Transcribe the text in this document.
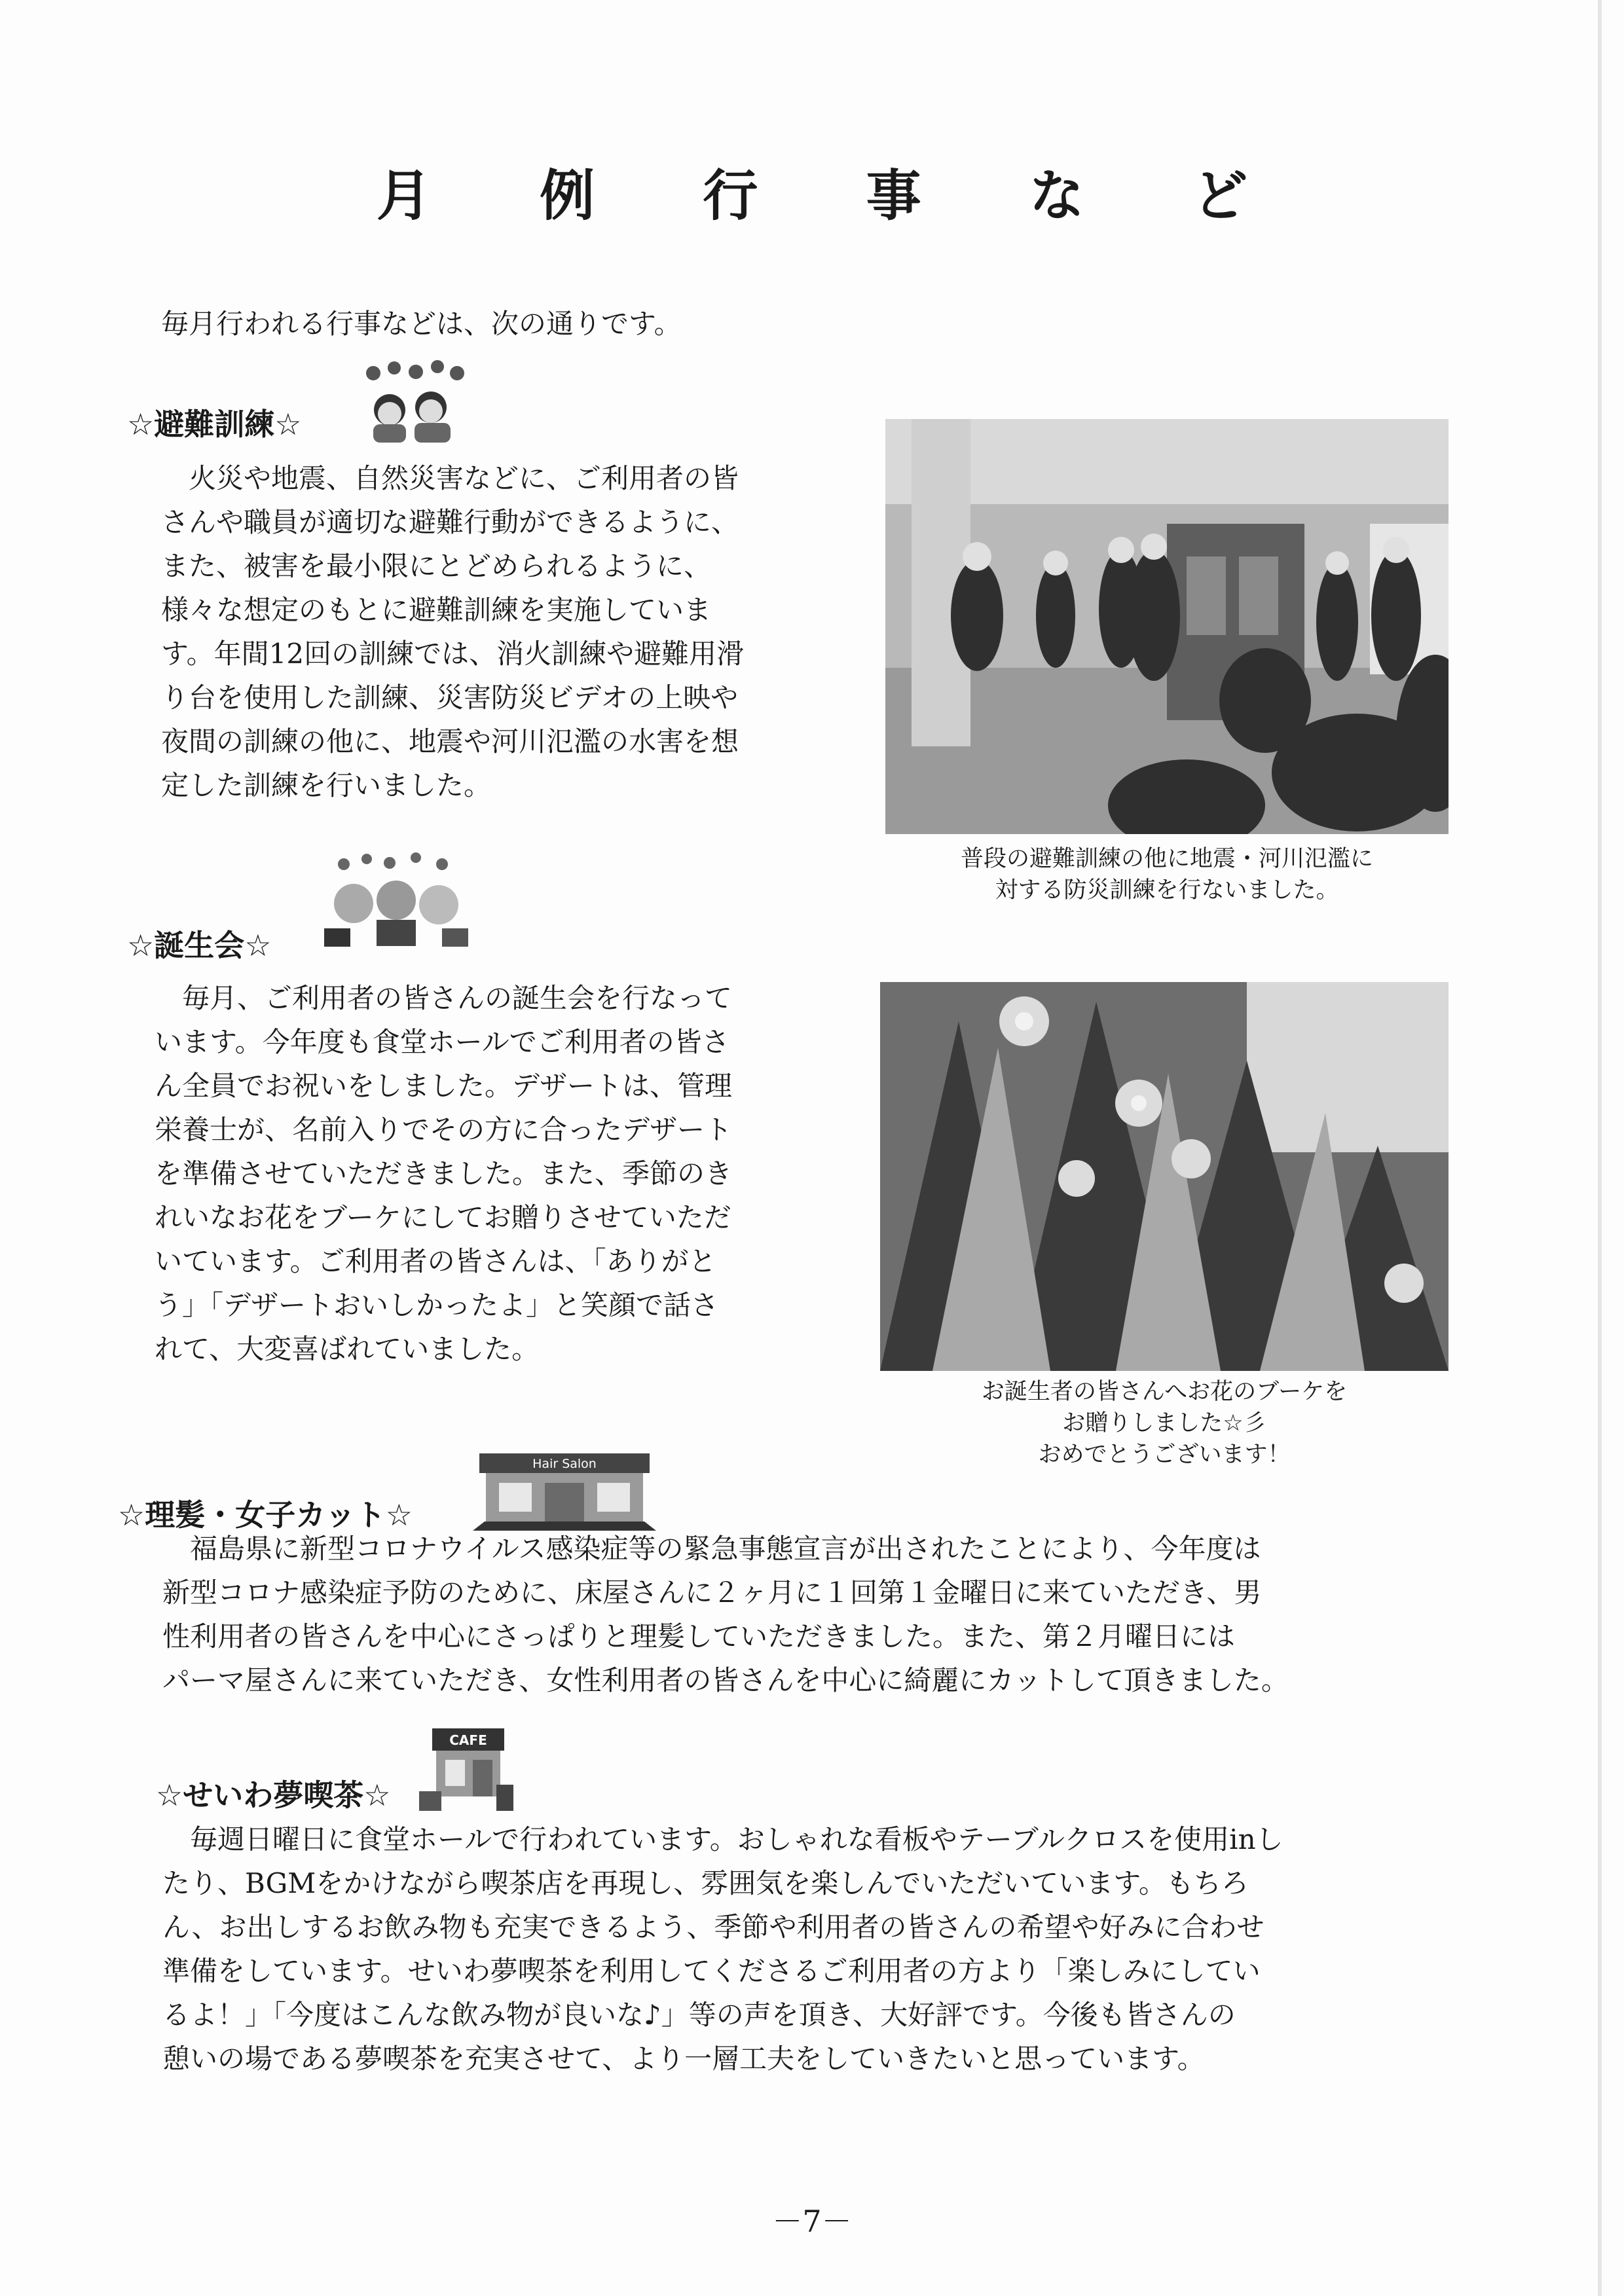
月 例 行 事 な ど
毎月行われる行事などは、次の通りです。
☆避難訓練☆
火災や地震、自然災害などに、ご利用者の皆
さんや職員が適切な避難行動ができるように、
また、被害を最小限にとどめられるように、
様々な想定のもとに避難訓練を実施していま
す。年間12回の訓練では、消火訓練や避難用滑
り台を使用した訓練、災害防災ビデオの上映や
夜間の訓練の他に、地震や河川氾濫の水害を想
定した訓練を行いました。
普段の避難訓練の他に地震・河川氾濫に
対する防災訓練を行ないました。
☆誕生会☆
毎月、ご利用者の皆さんの誕生会を行なって
います。今年度も食堂ホールでご利用者の皆さ
ん全員でお祝いをしました。デザートは、管理
栄養士が、名前入りでその方に合ったデザート
を準備させていただきました。また、季節のき
れいなお花をブーケにしてお贈りさせていただ
いています。ご利用者の皆さんは、「ありがと
う」「デザートおいしかったよ」と笑顔で話さ
れて、大変喜ばれていました。
お誕生者の皆さんへお花のブーケを
お贈りしました☆彡
おめでとうございます！
☆理髪・女子カット☆
Hair Salon
福島県に新型コロナウイルス感染症等の緊急事態宣言が出されたことにより、今年度は
新型コロナ感染症予防のために、床屋さんに２ヶ月に１回第１金曜日に来ていただき、男
性利用者の皆さんを中心にさっぱりと理髪していただきました。また、第２月曜日には
パーマ屋さんに来ていただき、女性利用者の皆さんを中心に綺麗にカットして頂きました。
CAFE
☆せいわ夢喫茶☆
毎週日曜日に食堂ホールで行われています。おしゃれな看板やテーブルクロスを使用inし
たり、BGMをかけながら喫茶店を再現し、雰囲気を楽しんでいただいています。もちろ
ん、お出しするお飲み物も充実できるよう、季節や利用者の皆さんの希望や好みに合わせ
準備をしています。せいわ夢喫茶を利用してくださるご利用者の方より「楽しみにしてい
るよ！」「今度はこんな飲み物が良いな♪」等の声を頂き、大好評です。今後も皆さんの
憩いの場である夢喫茶を充実させて、より一層工夫をしていきたいと思っています。
－7－
